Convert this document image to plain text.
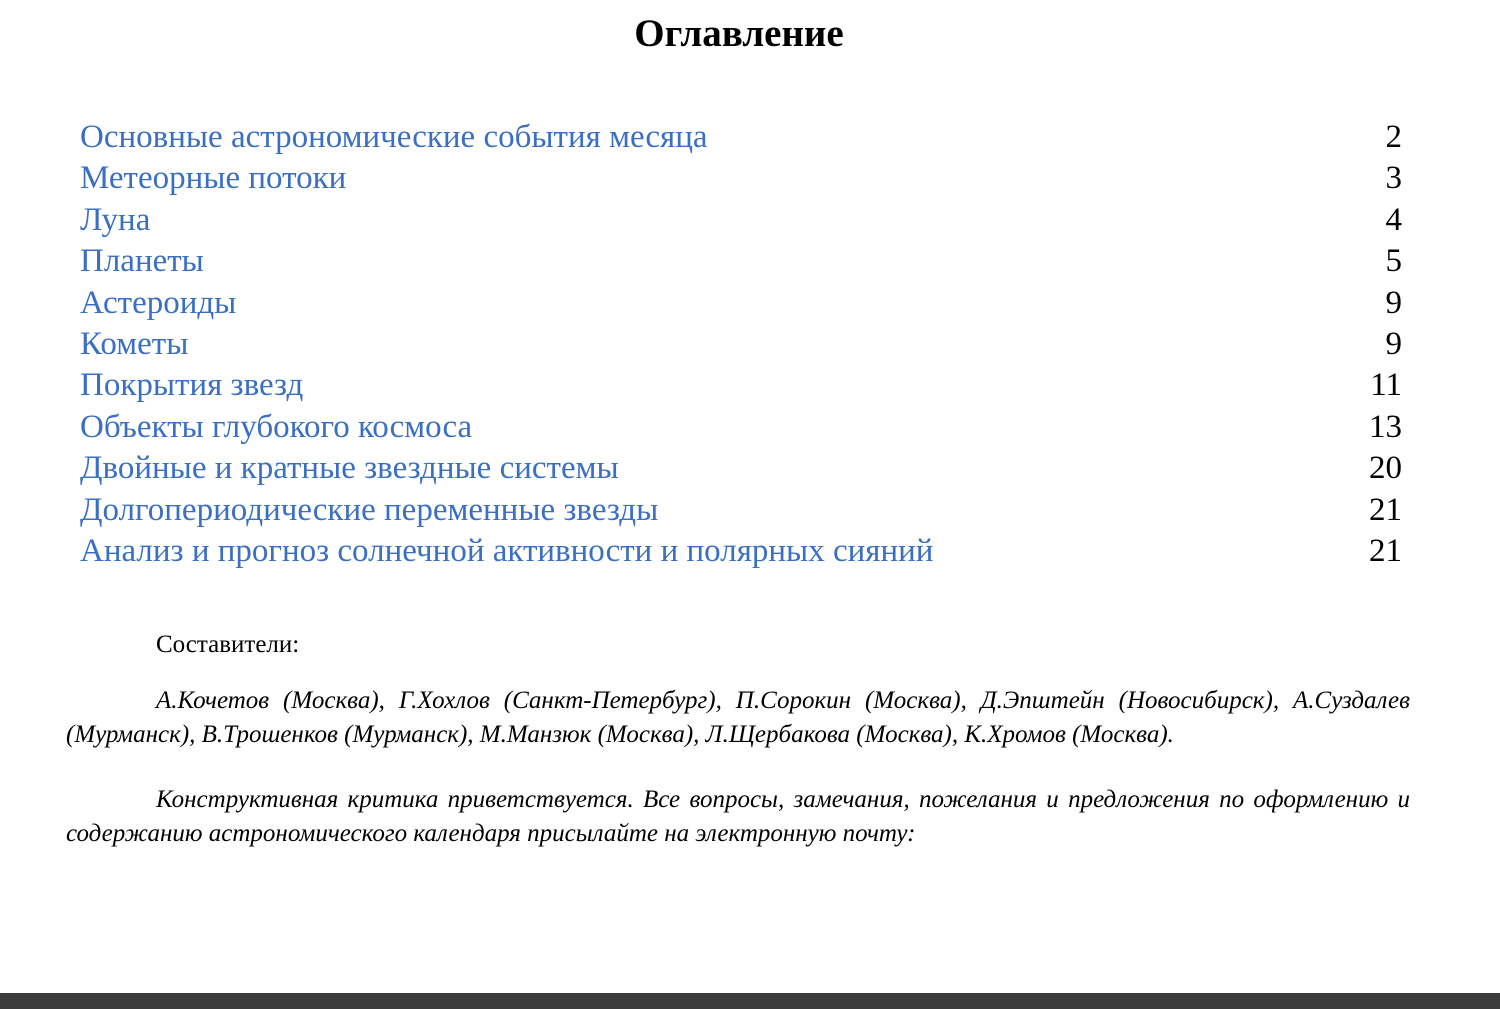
Оглавление
Основные астрономические события месяца	2
Метеорные потоки	3
Луна	4
Планеты	5
Астероиды	9
Кометы	9
Покрытия звезд	11
Объекты глубокого космоса	13
Двойные и кратные звездные системы	20
Долгопериодические переменные звезды	21
Анализ и прогноз солнечной активности и полярных сияний	21

Составители:

А.Кочетов (Москва), Г.Хохлов (Санкт-Петербург), П.Сорокин (Москва), Д.Эпштейн (Новосибирск), А.Суздалев (Мурманск), В.Трошенков (Мурманск), М.Манзюк (Москва), Л.Щербакова (Москва), К.Хромов (Москва).

Конструктивная критика приветствуется. Все вопросы, замечания, пожелания и предложения по оформлению и содержанию астрономического календаря присылайте на электронную почту:
